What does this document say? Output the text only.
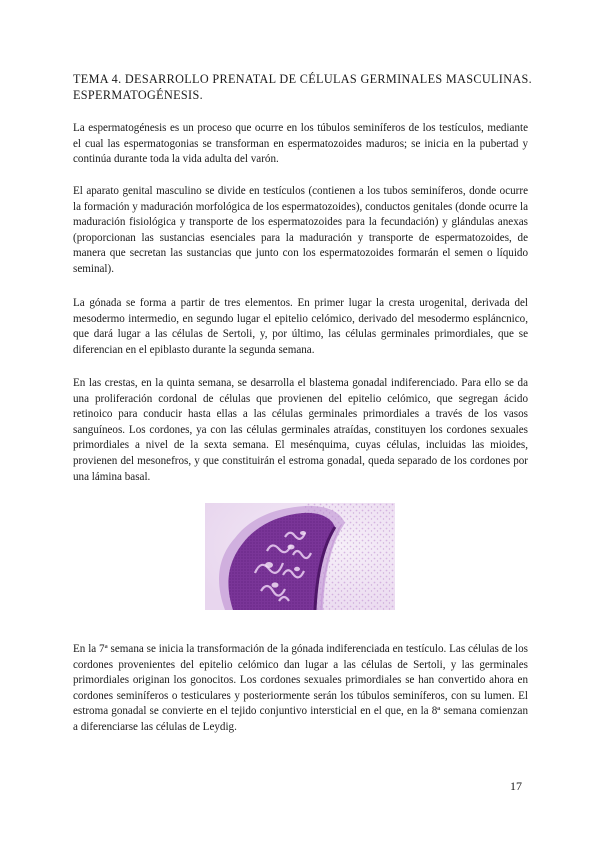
TEMA 4. DESARROLLO PRENATAL DE CÉLULAS GERMINALES MASCULINAS. ESPERMATOGÉNESIS.

La espermatogénesis es un proceso que ocurre en los túbulos seminíferos de los testículos, mediante el cual las espermatogonias se transforman en espermatozoides maduros; se inicia en la pubertad y continúa durante toda la vida adulta del varón.

El aparato genital masculino se divide en testículos (contienen a los tubos seminíferos, donde ocurre la formación y maduración morfológica de los espermatozoides), conductos genitales (donde ocurre la maduración fisiológica y transporte de los espermatozoides para la fecundación) y glándulas anexas (proporcionan las sustancias esenciales para la maduración y transporte de espermatozoides, de manera que secretan las sustancias que junto con los espermatozoides formarán el semen o líquido seminal).

La gónada se forma a partir de tres elementos. En primer lugar la cresta urogenital, derivada del mesodermo intermedio, en segundo lugar el epitelio celómico, derivado del mesodermo espláncnico, que dará lugar a las células de Sertoli, y, por último, las células germinales primordiales, que se diferencian en el epiblasto durante la segunda semana.

En las crestas, en la quinta semana, se desarrolla el blastema gonadal indiferenciado. Para ello se da una proliferación cordonal de células que provienen del epitelio celómico, que segregan ácido retinoico para conducir hasta ellas a las células germinales primordiales a través de los vasos sanguíneos. Los cordones, ya con las células germinales atraídas, constituyen los cordones sexuales primordiales a nivel de la sexta semana. El mesénquima, cuyas células, incluidas las mioides, provienen del mesonefros, y que constituirán el estroma gonadal, queda separado de los cordones por una lámina basal.

En la 7ª semana se inicia la transformación de la gónada indiferenciada en testículo. Las células de los cordones provenientes del epitelio celómico dan lugar a las células de Sertoli, y las germinales primordiales originan los gonocitos. Los cordones sexuales primordiales se han convertido ahora en cordones seminíferos o testiculares y posteriormente serán los túbulos seminíferos, con su lumen. El estroma gonadal se convierte en el tejido conjuntivo intersticial en el que, en la 8ª semana comienzan a diferenciarse las células de Leydig.

17
